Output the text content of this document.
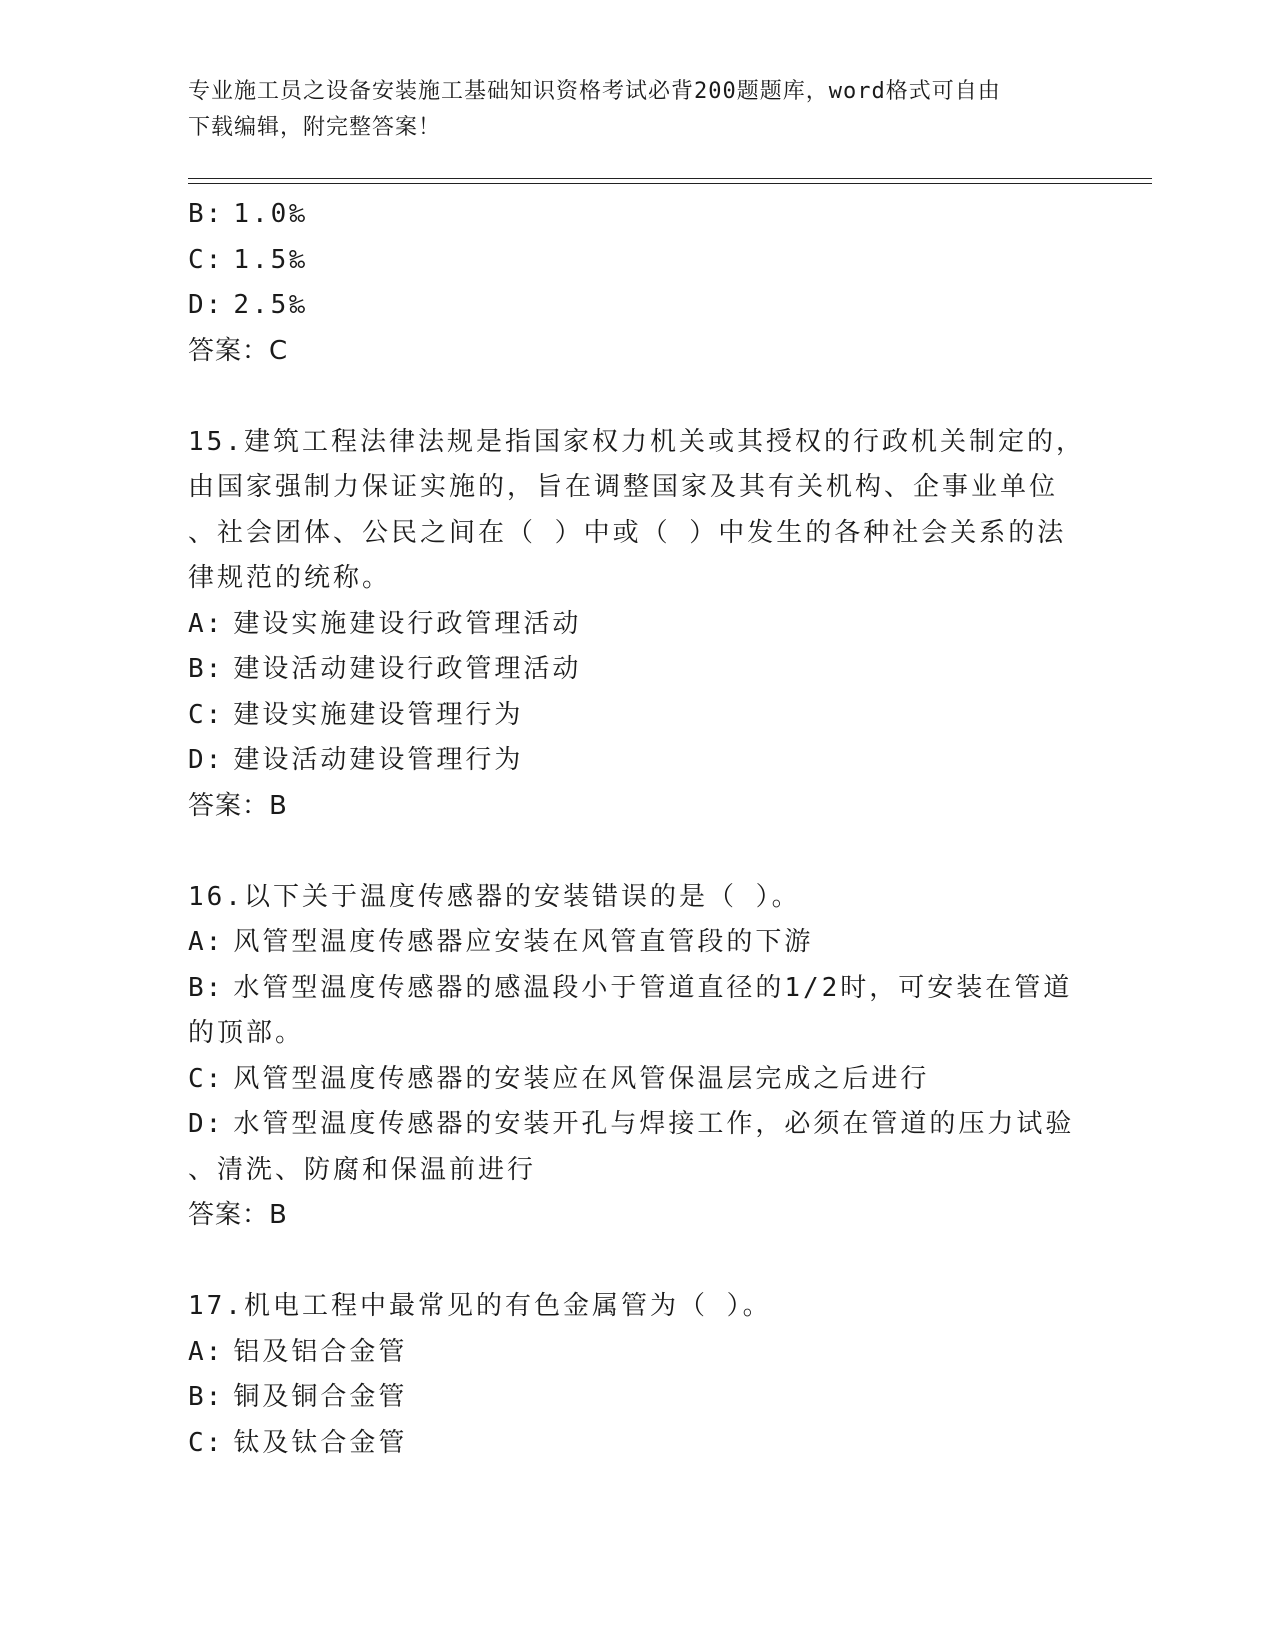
专业施工员之设备安装施工基础知识资格考试必背200题题库，word格式可自由
下载编辑，附完整答案！
B: 1.0‰
C: 1.5‰
D: 2.5‰
答案：C
15.建筑工程法律法规是指国家权力机关或其授权的行政机关制定的，
由国家强制力保证实施的，旨在调整国家及其有关机构、企事业单位
、社会团体、公民之间在（ ）中或（ ）中发生的各种社会关系的法
律规范的统称。
A: 建设实施建设行政管理活动
B: 建设活动建设行政管理活动
C: 建设实施建设管理行为
D: 建设活动建设管理行为
答案：B
16.以下关于温度传感器的安装错误的是（ ）。
A: 风管型温度传感器应安装在风管直管段的下游
B: 水管型温度传感器的感温段小于管道直径的1/2时，可安装在管道
的顶部。
C: 风管型温度传感器的安装应在风管保温层完成之后进行
D: 水管型温度传感器的安装开孔与焊接工作，必须在管道的压力试验
、清洗、防腐和保温前进行
答案：B
17.机电工程中最常见的有色金属管为（ ）。
A: 铝及铝合金管
B: 铜及铜合金管
C: 钛及钛合金管
